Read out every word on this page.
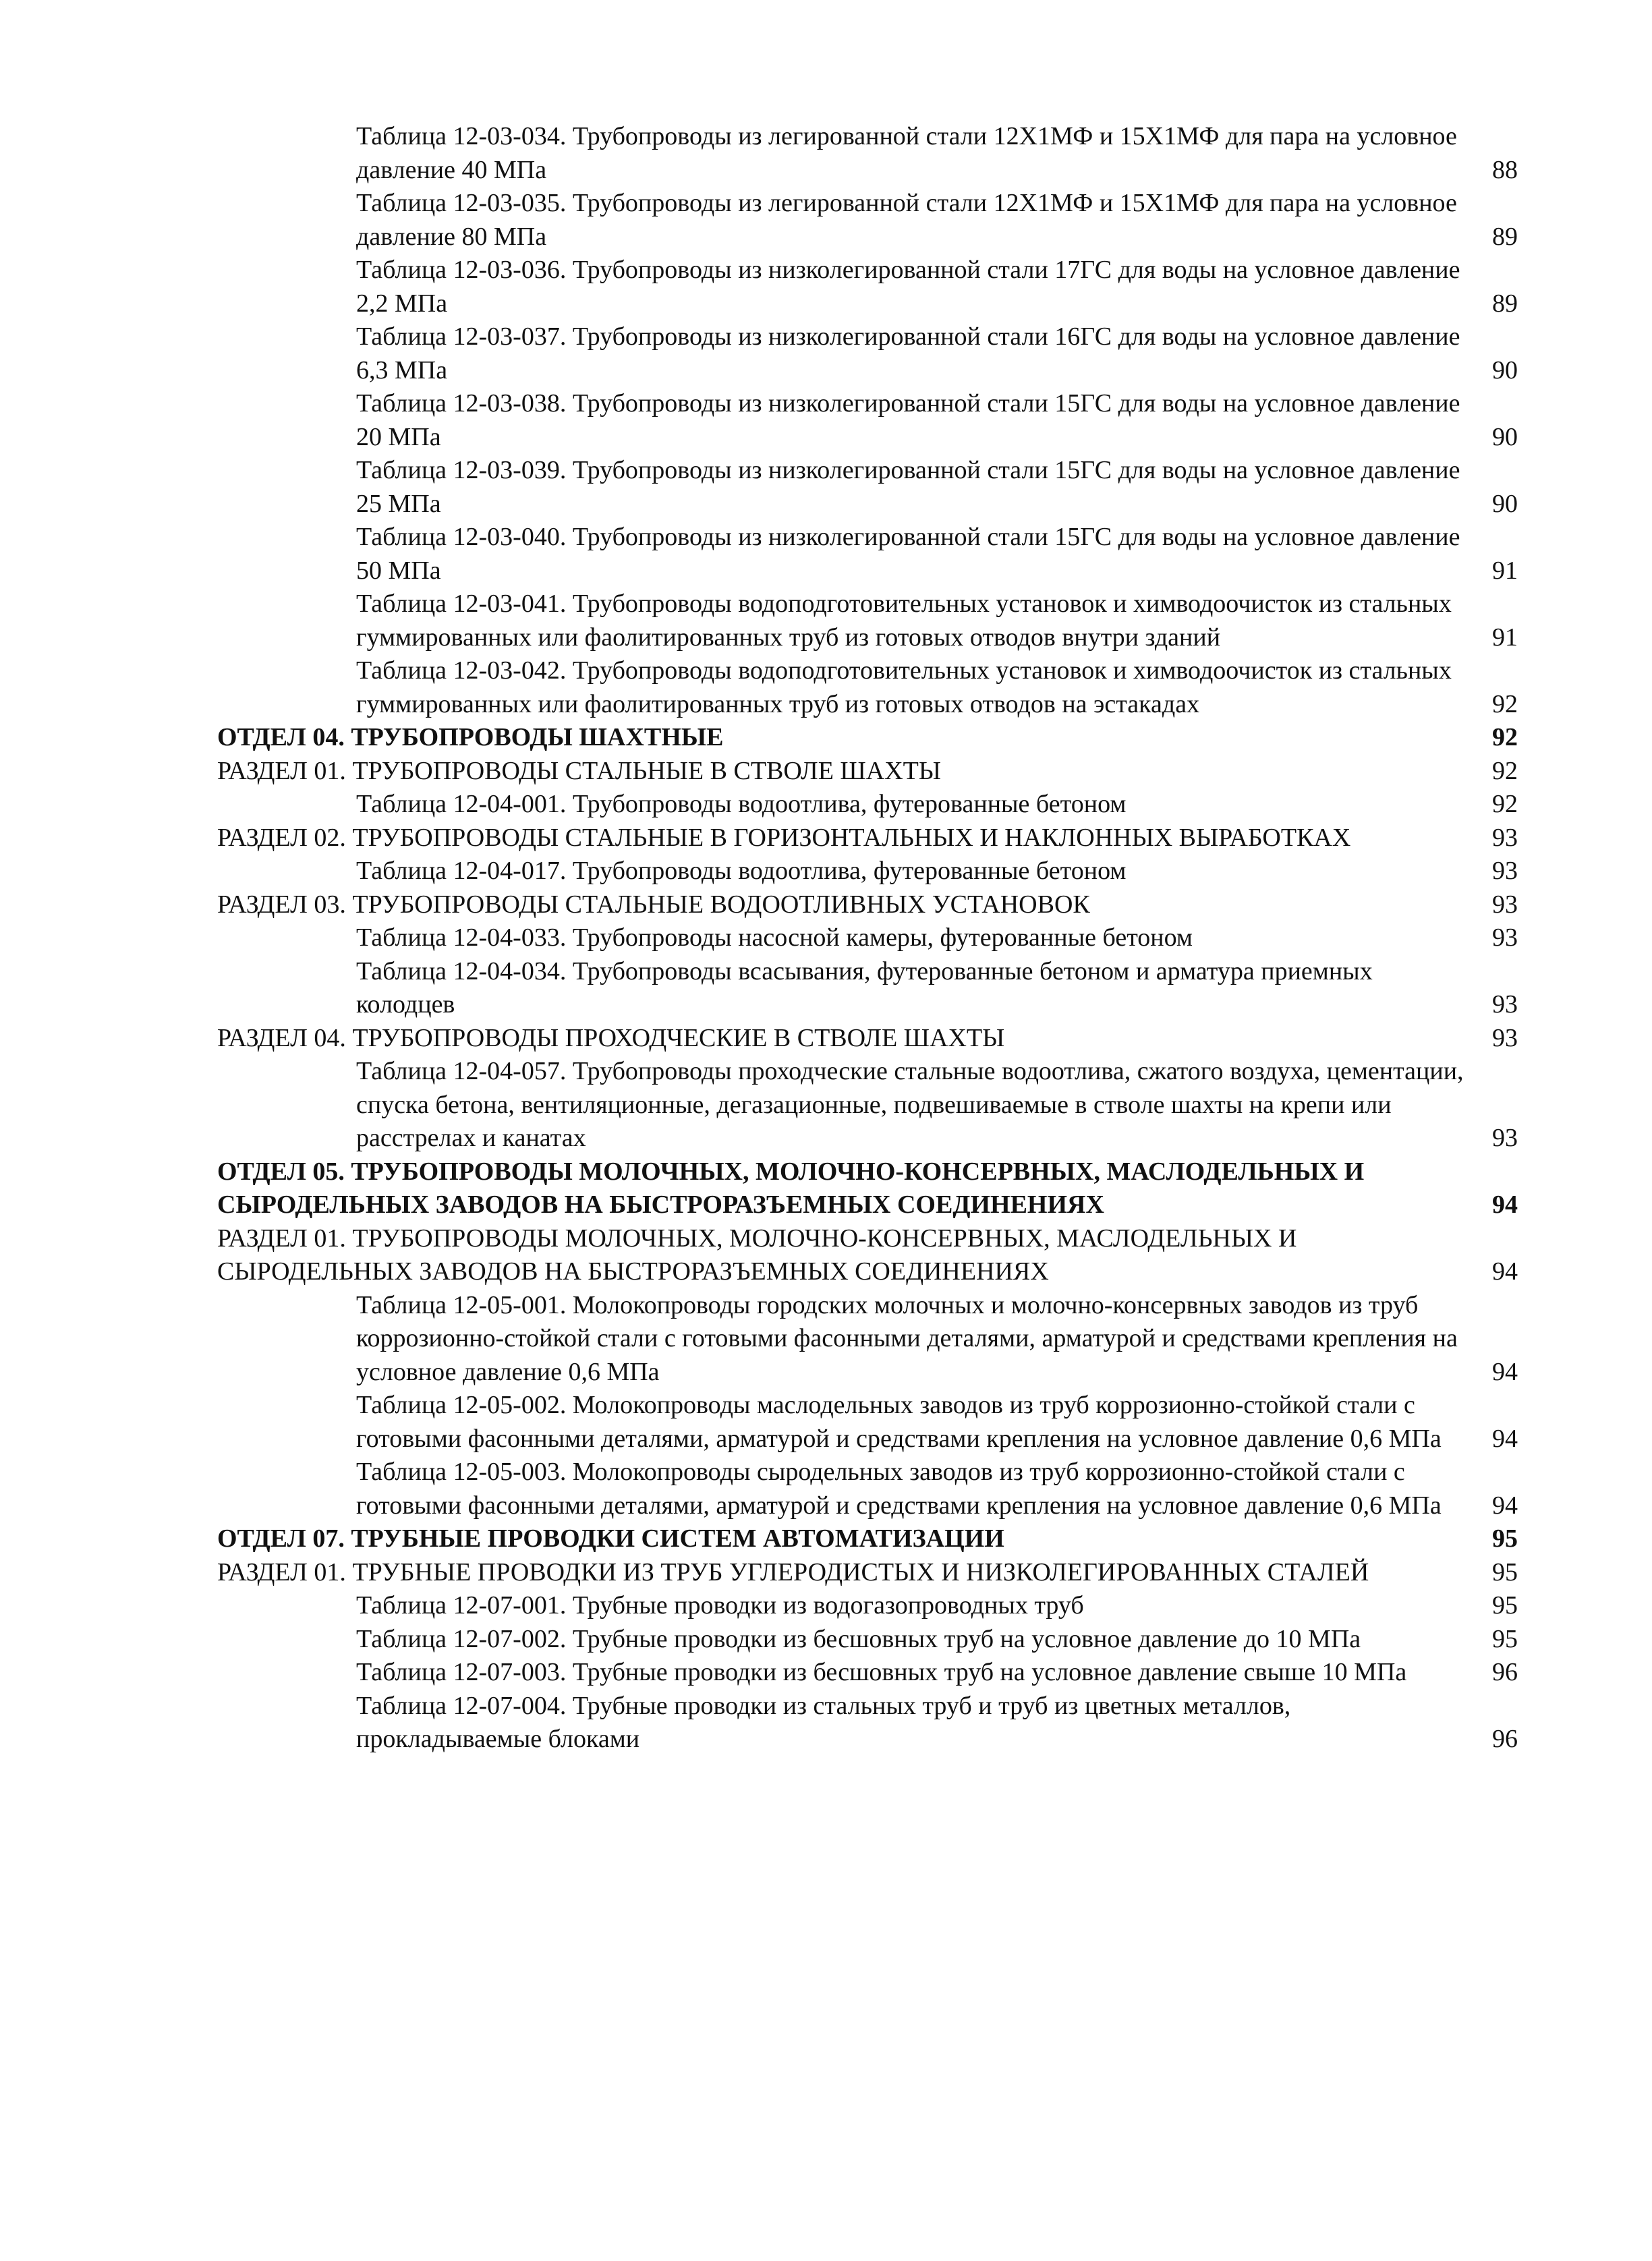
Таблица 12-03-034. Трубопроводы из легированной стали 12Х1МФ и 15Х1МФ для пара на условное давление 40 МПа	88
Таблица 12-03-035. Трубопроводы из легированной стали 12Х1МФ и 15Х1МФ для пара на условное давление 80 МПа	89
Таблица 12-03-036. Трубопроводы из низколегированной стали 17ГС для воды на условное давление 2,2 МПа	89
Таблица 12-03-037. Трубопроводы из низколегированной стали 16ГС для воды на условное давление 6,3 МПа	90
Таблица 12-03-038. Трубопроводы из низколегированной стали 15ГС для воды на условное давление 20 МПа	90
Таблица 12-03-039. Трубопроводы из низколегированной стали 15ГС для воды на условное давление 25 МПа	90
Таблица 12-03-040. Трубопроводы из низколегированной стали 15ГС для воды на условное давление 50 МПа	91
Таблица 12-03-041. Трубопроводы водоподготовительных установок и химводоочисток из стальных гуммированных или фаолитированных труб из готовых отводов внутри зданий	91
Таблица 12-03-042. Трубопроводы водоподготовительных установок и химводоочисток из стальных гуммированных или фаолитированных труб из готовых отводов на эстакадах	92
ОТДЕЛ 04. ТРУБОПРОВОДЫ ШАХТНЫЕ	92
РАЗДЕЛ 01. ТРУБОПРОВОДЫ СТАЛЬНЫЕ В СТВОЛЕ ШАХТЫ	92
Таблица 12-04-001. Трубопроводы водоотлива, футерованные бетоном	92
РАЗДЕЛ 02. ТРУБОПРОВОДЫ СТАЛЬНЫЕ В ГОРИЗОНТАЛЬНЫХ И НАКЛОННЫХ ВЫРАБОТКАХ	93
Таблица 12-04-017. Трубопроводы водоотлива, футерованные бетоном	93
РАЗДЕЛ 03. ТРУБОПРОВОДЫ СТАЛЬНЫЕ ВОДООТЛИВНЫХ УСТАНОВОК	93
Таблица 12-04-033. Трубопроводы насосной камеры, футерованные бетоном	93
Таблица 12-04-034. Трубопроводы всасывания, футерованные бетоном и арматура приемных колодцев	93
РАЗДЕЛ 04. ТРУБОПРОВОДЫ ПРОХОДЧЕСКИЕ В СТВОЛЕ ШАХТЫ	93
Таблица 12-04-057. Трубопроводы проходческие стальные водоотлива, сжатого воздуха, цементации, спуска бетона, вентиляционные, дегазационные, подвешиваемые в стволе шахты на крепи или расстрелах и канатах	93
ОТДЕЛ 05. ТРУБОПРОВОДЫ МОЛОЧНЫХ, МОЛОЧНО-КОНСЕРВНЫХ, МАСЛОДЕЛЬНЫХ И СЫРОДЕЛЬНЫХ ЗАВОДОВ НА БЫСТРОРАЗЪЕМНЫХ СОЕДИНЕНИЯХ	94
РАЗДЕЛ 01. ТРУБОПРОВОДЫ МОЛОЧНЫХ, МОЛОЧНО-КОНСЕРВНЫХ, МАСЛОДЕЛЬНЫХ И СЫРОДЕЛЬНЫХ ЗАВОДОВ НА БЫСТРОРАЗЪЕМНЫХ СОЕДИНЕНИЯХ	94
Таблица 12-05-001. Молокопроводы городских молочных и молочно-консервных заводов из труб коррозионно-стойкой стали с готовыми фасонными деталями, арматурой и средствами крепления на условное давление 0,6 МПа	94
Таблица 12-05-002. Молокопроводы маслодельных заводов из труб коррозионно-стойкой стали с готовыми фасонными деталями, арматурой и средствами крепления на условное давление 0,6 МПа	94
Таблица 12-05-003. Молокопроводы сыродельных заводов из труб коррозионно-стойкой стали с готовыми фасонными деталями, арматурой и средствами крепления на условное давление 0,6 МПа	94
ОТДЕЛ 07. ТРУБНЫЕ ПРОВОДКИ СИСТЕМ АВТОМАТИЗАЦИИ	95
РАЗДЕЛ 01. ТРУБНЫЕ ПРОВОДКИ ИЗ ТРУБ УГЛЕРОДИСТЫХ И НИЗКОЛЕГИРОВАННЫХ СТАЛЕЙ	95
Таблица 12-07-001. Трубные проводки из водогазопроводных труб	95
Таблица 12-07-002. Трубные проводки из бесшовных труб на условное давление до 10 МПа	95
Таблица 12-07-003. Трубные проводки из бесшовных труб на условное давление свыше 10 МПа	96
Таблица 12-07-004. Трубные проводки из стальных труб и труб из цветных металлов, прокладываемые блоками	96
